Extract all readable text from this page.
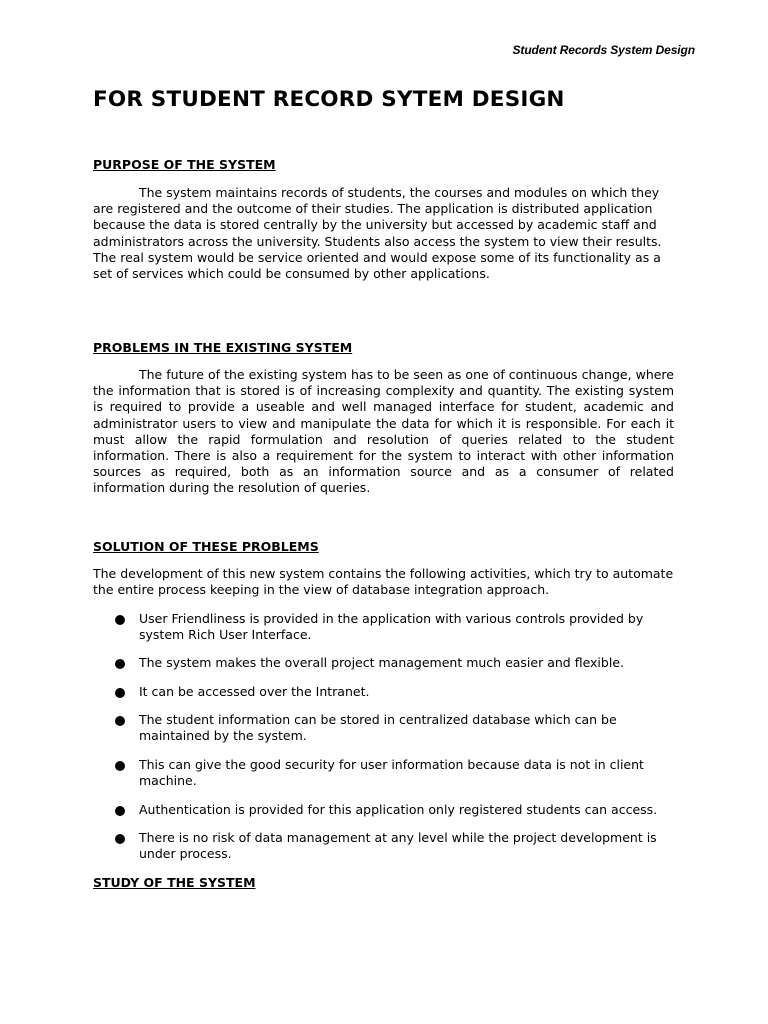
Student Records System Design
FOR STUDENT RECORD SYTEM DESIGN
PURPOSE OF THE SYSTEM

The system maintains records of students, the courses and modules on which they are registered and the outcome of their studies. The application is distributed application because the data is stored centrally by the university but accessed by academic staff and administrators across the university. Students also access the system to view their results. The real system would be service oriented and would expose some of its functionality as a set of services which could be consumed by other applications.

PROBLEMS IN THE EXISTING SYSTEM

The future of the existing system has to be seen as one of continuous change, where the information that is stored is of increasing complexity and quantity. The existing system is required to provide a useable and well managed interface for student, academic and administrator users to view and manipulate the data for which it is responsible. For each it must allow the rapid formulation and resolution of queries related to the student information. There is also a requirement for the system to interact with other information sources as required, both as an information source and as a consumer of related information during the resolution of queries.

SOLUTION OF THESE PROBLEMS

The development of this new system contains the following activities, which try to automate the entire process keeping in the view of database integration approach.

User Friendliness is provided in the application with various controls provided by system Rich User Interface.
The system makes the overall project management much easier and flexible.
It can be accessed over the Intranet.
The student information can be stored in centralized database which can be maintained by the system.
This can give the good security for user information because data is not in client machine.
Authentication is provided for this application only registered students can access.
There is no risk of data management at any level while the project development is under process.
STUDY OF THE SYSTEM
